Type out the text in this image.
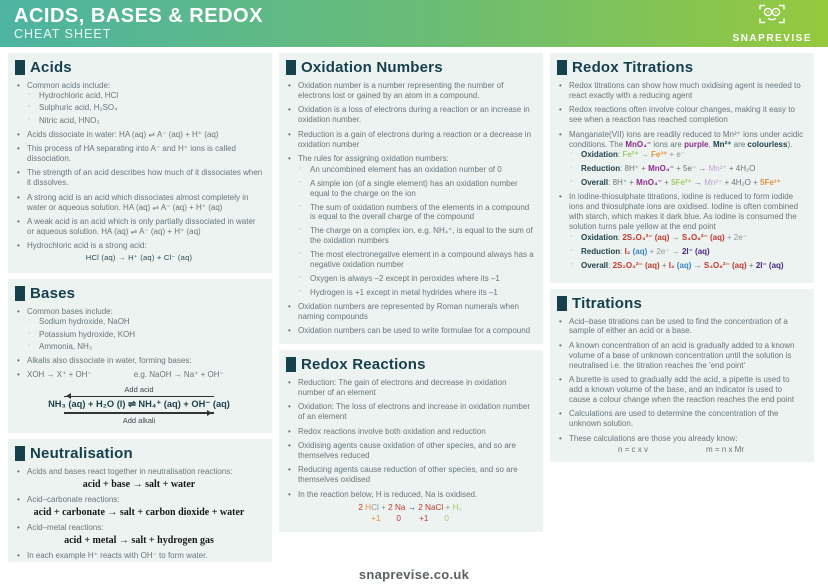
ACIDS, BASES & REDOX
CHEAT SHEET	SNAPREVISE
Acids
• Common acids include:
◦ Hydrochloric acid, HCl
◦ Sulphuric acid, H₂SO₄
◦ Nitric acid, HNO₃
• Acids dissociate in water: HA (aq) ⇌ A⁻ (aq) + H⁺ (aq)
• This process of HA separating into A⁻ and H⁺ ions is called dissociation.
• The strength of an acid describes how much of it dissociates when it dissolves.
• A strong acid is an acid which dissociates almost completely in water or aqueous solution. HA (aq) ⇌ A⁻ (aq) + H⁺ (aq)
• A weak acid is an acid which is only partially dissociated in water or aqueous solution. HA (aq) ⇌ A⁻ (aq) + H⁺ (aq)
• Hydrochloric acid is a strong acid:
HCl (aq) → H⁺ (aq) + Cl⁻ (aq)
Bases
• Common bases include:
◦ Sodium hydroxide, NaOH
◦ Potassium hydroxide, KOH
◦ Ammonia, NH₃
• Alkalis also dissociate in water, forming bases:
• XOH → X⁺ + OH⁻	e.g. NaOH → Na⁺ + OH⁻
Add acid
NH₃ (aq) + H₂O (l) ⇌ NH₄⁺ (aq) + OH⁻ (aq)
Add alkali
Neutralisation
• Acids and bases react together in neutralisation reactions:
acid + base → salt + water
• Acid–carbonate reactions:
acid + carbonate → salt + carbon dioxide + water
• Acid–metal reactions:
acid + metal → salt + hydrogen gas
• In each example H⁺ reacts with OH⁻ to form water.
Oxidation Numbers
• Oxidation number is a number representing the number of electrons lost or gained by an atom in a compound.
• Oxidation is a loss of electrons during a reaction or an increase in oxidation number.
• Reduction is a gain of electrons during a reaction or a decrease in oxidation number
• The rules for assigning oxidation numbers:
◦ An uncombined element has an oxidation number of 0
◦ A simple ion (of a single element) has an oxidation number equal to the charge on the ion
◦ The sum of oxidation numbers of the elements in a compound is equal to the overall charge of the compound
◦ The charge on a complex ion, e.g. NH₄⁺, is equal to the sum of the oxidation numbers
◦ The most electronegative element in a compound always has a negative oxidation number
◦ Oxygen is always –2 except in peroxides where its –1
◦ Hydrogen is +1 except in metal hydrides where its –1
• Oxidation numbers are represented by Roman numerals when naming compounds
• Oxidation numbers can be used to write formulae for a compound
Redox Reactions
• Reduction: The gain of electrons and decrease in oxidation number of an element
• Oxidation: The loss of electrons and increase in oxidation number of an element
• Redox reactions involve both oxidation and reduction
• Oxidising agents cause oxidation of other species, and so are themselves reduced
• Reducing agents cause reduction of other species, and so are themselves oxidised
• In the reaction below, H is reduced, Na is oxidised.
2 HCl + 2 Na → 2 NaCl + H₂
+1 0 +1 0
Redox Titrations
• Redox titrations can show how much oxidising agent is needed to react exactly with a reducing agent
• Redox reactions often involve colour changes, making it easy to see when a reaction has reached completion
• Manganate(VII) ions are readily reduced to Mn²⁺ ions under acidic conditions. The MnO₄⁻ ions are purple, Mn²⁺ are colourless).
◦ Oxidation: Fe²⁺ → Fe³⁺ + e⁻
◦ Reduction: 8H⁺ + MnO₄⁻ + 5e⁻ → Mn²⁺ + 4H₂O
◦ Overall: 8H⁺ + MnO₄⁻ + 5Fe²⁺ → Mn²⁺ + 4H₂O + 5Fe³⁺
• In iodine-thiosulphate titrations, iodine is reduced to form iodide ions and thiosulphate ions are oxidised. Iodine is often combined with starch, which makes it dark blue. As iodine is consumed the solution turns pale yellow at the end point
◦ Oxidation: 2S₂O₃²⁻ (aq) → S₄O₆²⁻ (aq) + 2e⁻
◦ Reduction: I₂ (aq) + 2e⁻ → 2I⁻ (aq)
◦ Overall: 2S₂O₃²⁻ (aq) + I₂ (aq) → S₄O₆²⁻ (aq) + 2I⁻ (aq)
Titrations
• Acid–base titrations can be used to find the concentration of a sample of either an acid or a base.
• A known concentration of an acid is gradually added to a known volume of a base of unknown concentration until the solution is neutralised i.e. the titration reaches the 'end point'
• A burette is used to gradually add the acid, a pipette is used to add a known volume of the base, and an indicator is used to cause a colour change when the reaction reaches the end point
• Calculations are used to determine the concentration of the unknown solution.
• These calculations are those you already know:
n = c x v	m = n x Mr
snaprevise.co.uk
